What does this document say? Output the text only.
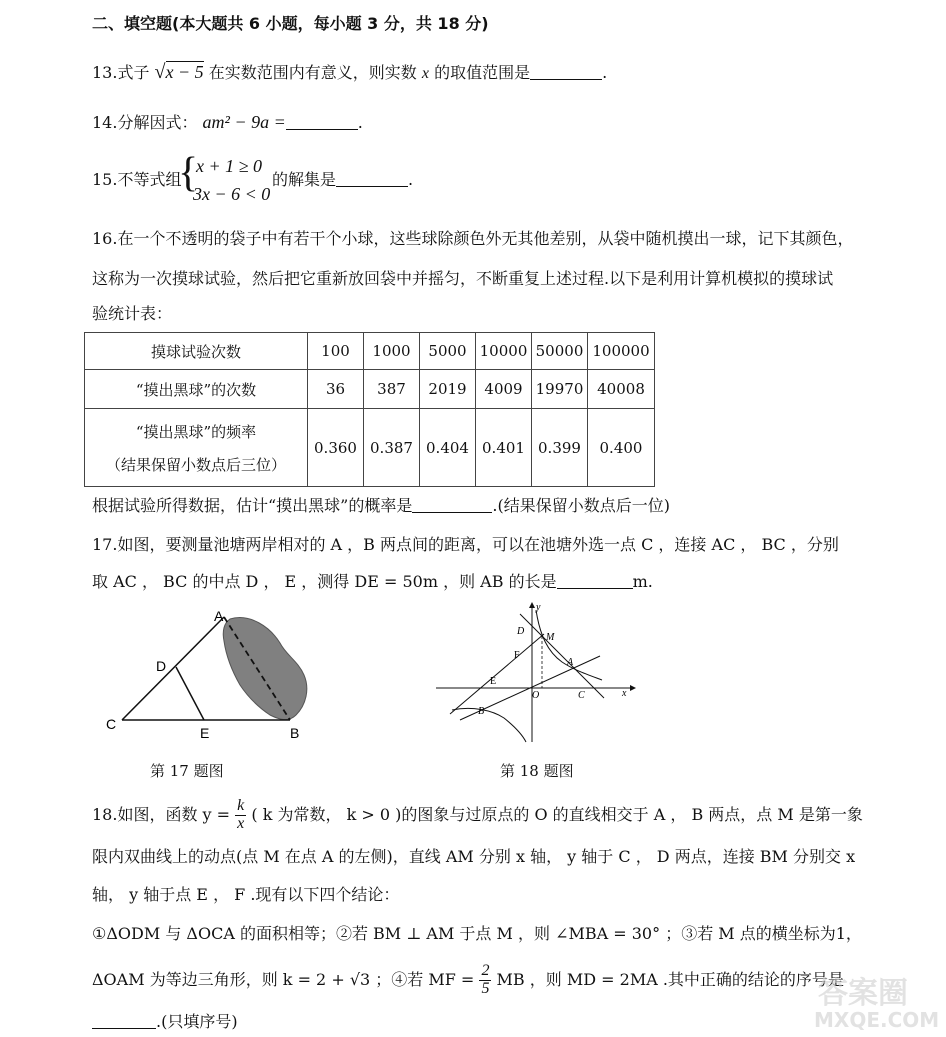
二、填空题(本大题共 6 小题，每小题 3 分，共 18 分)
13.式子 √x − 5 在实数范围内有意义，则实数 x 的取值范围是	.
14.分解因式： am² − 9a =	.
15.不等式组
{
x + 1 ≥ 0
3x − 6 < 0
的解集是	.
16.在一个不透明的袋子中有若干个小球，这些球除颜色外无其他差别，从袋中随机摸出一球，记下其颜色，
这称为一次摸球试验，然后把它重新放回袋中并摇匀，不断重复上述过程.以下是利用计算机模拟的摸球试
验统计表：
摸球试验次数	100	1000	5000	10000	50000	100000
“摸出黑球”的次数	36	387	2019	4009	19970	40008

“摸出黑球”的频率
（结果保留小数点后三位）	0.360	0.387	0.404	0.401	0.399	0.400
根据试验所得数据，估计“摸出黑球”的概率是	.(结果保留小数点后一位)
17.如图，要测量池塘两岸相对的 A ，B 两点间的距离，可以在池塘外选一点 C ，连接 AC ， BC ，分别
取 AC ， BC 的中点 D ， E ，测得 DE = 50m ，则 AB 的长是	m.
A
D
C
E	B
第 17 题图
y
x
D
M
F
A
E
O	C
B
第 18 题图
18.如图，函数 $y = \frac{k}{x}$ ( k 为常数， k > 0 )的图象与过原点的 O 的直线相交于 A ， B 两点，点 M 是第一象
限内双曲线上的动点(点 M 在点 A 的左侧)，直线 AM 分别 x 轴， y 轴于 C ， D 两点，连接 BM 分别交 x
轴， y 轴于点 E ， F .现有以下四个结论：
①ΔODM 与 ΔOCA 的面积相等；②若 BM ⊥ AM 于点 M ，则 ∠MBA = 30° ；③若 M 点的横坐标为1，
ΔOAM 为等边三角形，则 k = 2 + √3 ；④若 MF = $\frac{2}{5}$ MB ，则 MD = 2MA .其中正确的结论的序号是
.(只填序号)
答案圈
MXQE.COM
